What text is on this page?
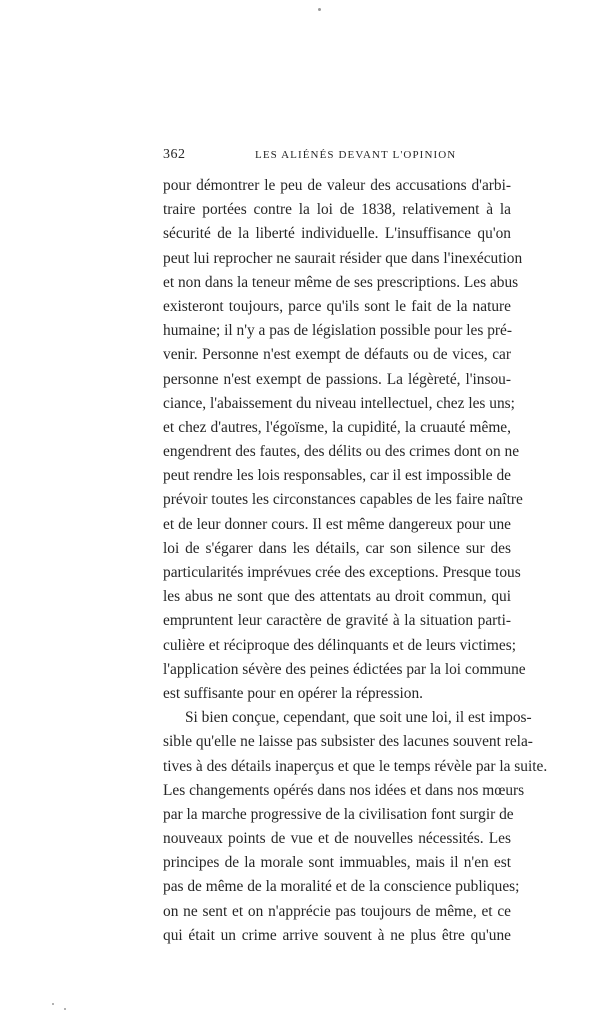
362	LES ALIÉNÉS DEVANT L'OPINION
pour démontrer le peu de valeur des accusations d'arbi-
traire portées contre la loi de 1838, relativement à la
sécurité de la liberté individuelle. L'insuffisance qu'on
peut lui reprocher ne saurait résider que dans l'inexécution
et non dans la teneur même de ses prescriptions. Les abus
existeront toujours, parce qu'ils sont le fait de la nature
humaine; il n'y a pas de législation possible pour les pré-
venir. Personne n'est exempt de défauts ou de vices, car
personne n'est exempt de passions. La légèreté, l'insou-
ciance, l'abaissement du niveau intellectuel, chez les uns;
et chez d'autres, l'égoïsme, la cupidité, la cruauté même,
engendrent des fautes, des délits ou des crimes dont on ne
peut rendre les lois responsables, car il est impossible de
prévoir toutes les circonstances capables de les faire naître
et de leur donner cours. Il est même dangereux pour une
loi de s'égarer dans les détails, car son silence sur des
particularités imprévues crée des exceptions. Presque tous
les abus ne sont que des attentats au droit commun, qui
empruntent leur caractère de gravité à la situation parti-
culière et réciproque des délinquants et de leurs victimes;
l'application sévère des peines édictées par la loi commune
est suffisante pour en opérer la répression.
Si bien conçue, cependant, que soit une loi, il est impos-
sible qu'elle ne laisse pas subsister des lacunes souvent rela-
tives à des détails inaperçus et que le temps révèle par la suite.
Les changements opérés dans nos idées et dans nos mœurs
par la marche progressive de la civilisation font surgir de
nouveaux points de vue et de nouvelles nécessités. Les
principes de la morale sont immuables, mais il n'en est
pas de même de la moralité et de la conscience publiques;
on ne sent et on n'apprécie pas toujours de même, et ce
qui était un crime arrive souvent à ne plus être qu'une
